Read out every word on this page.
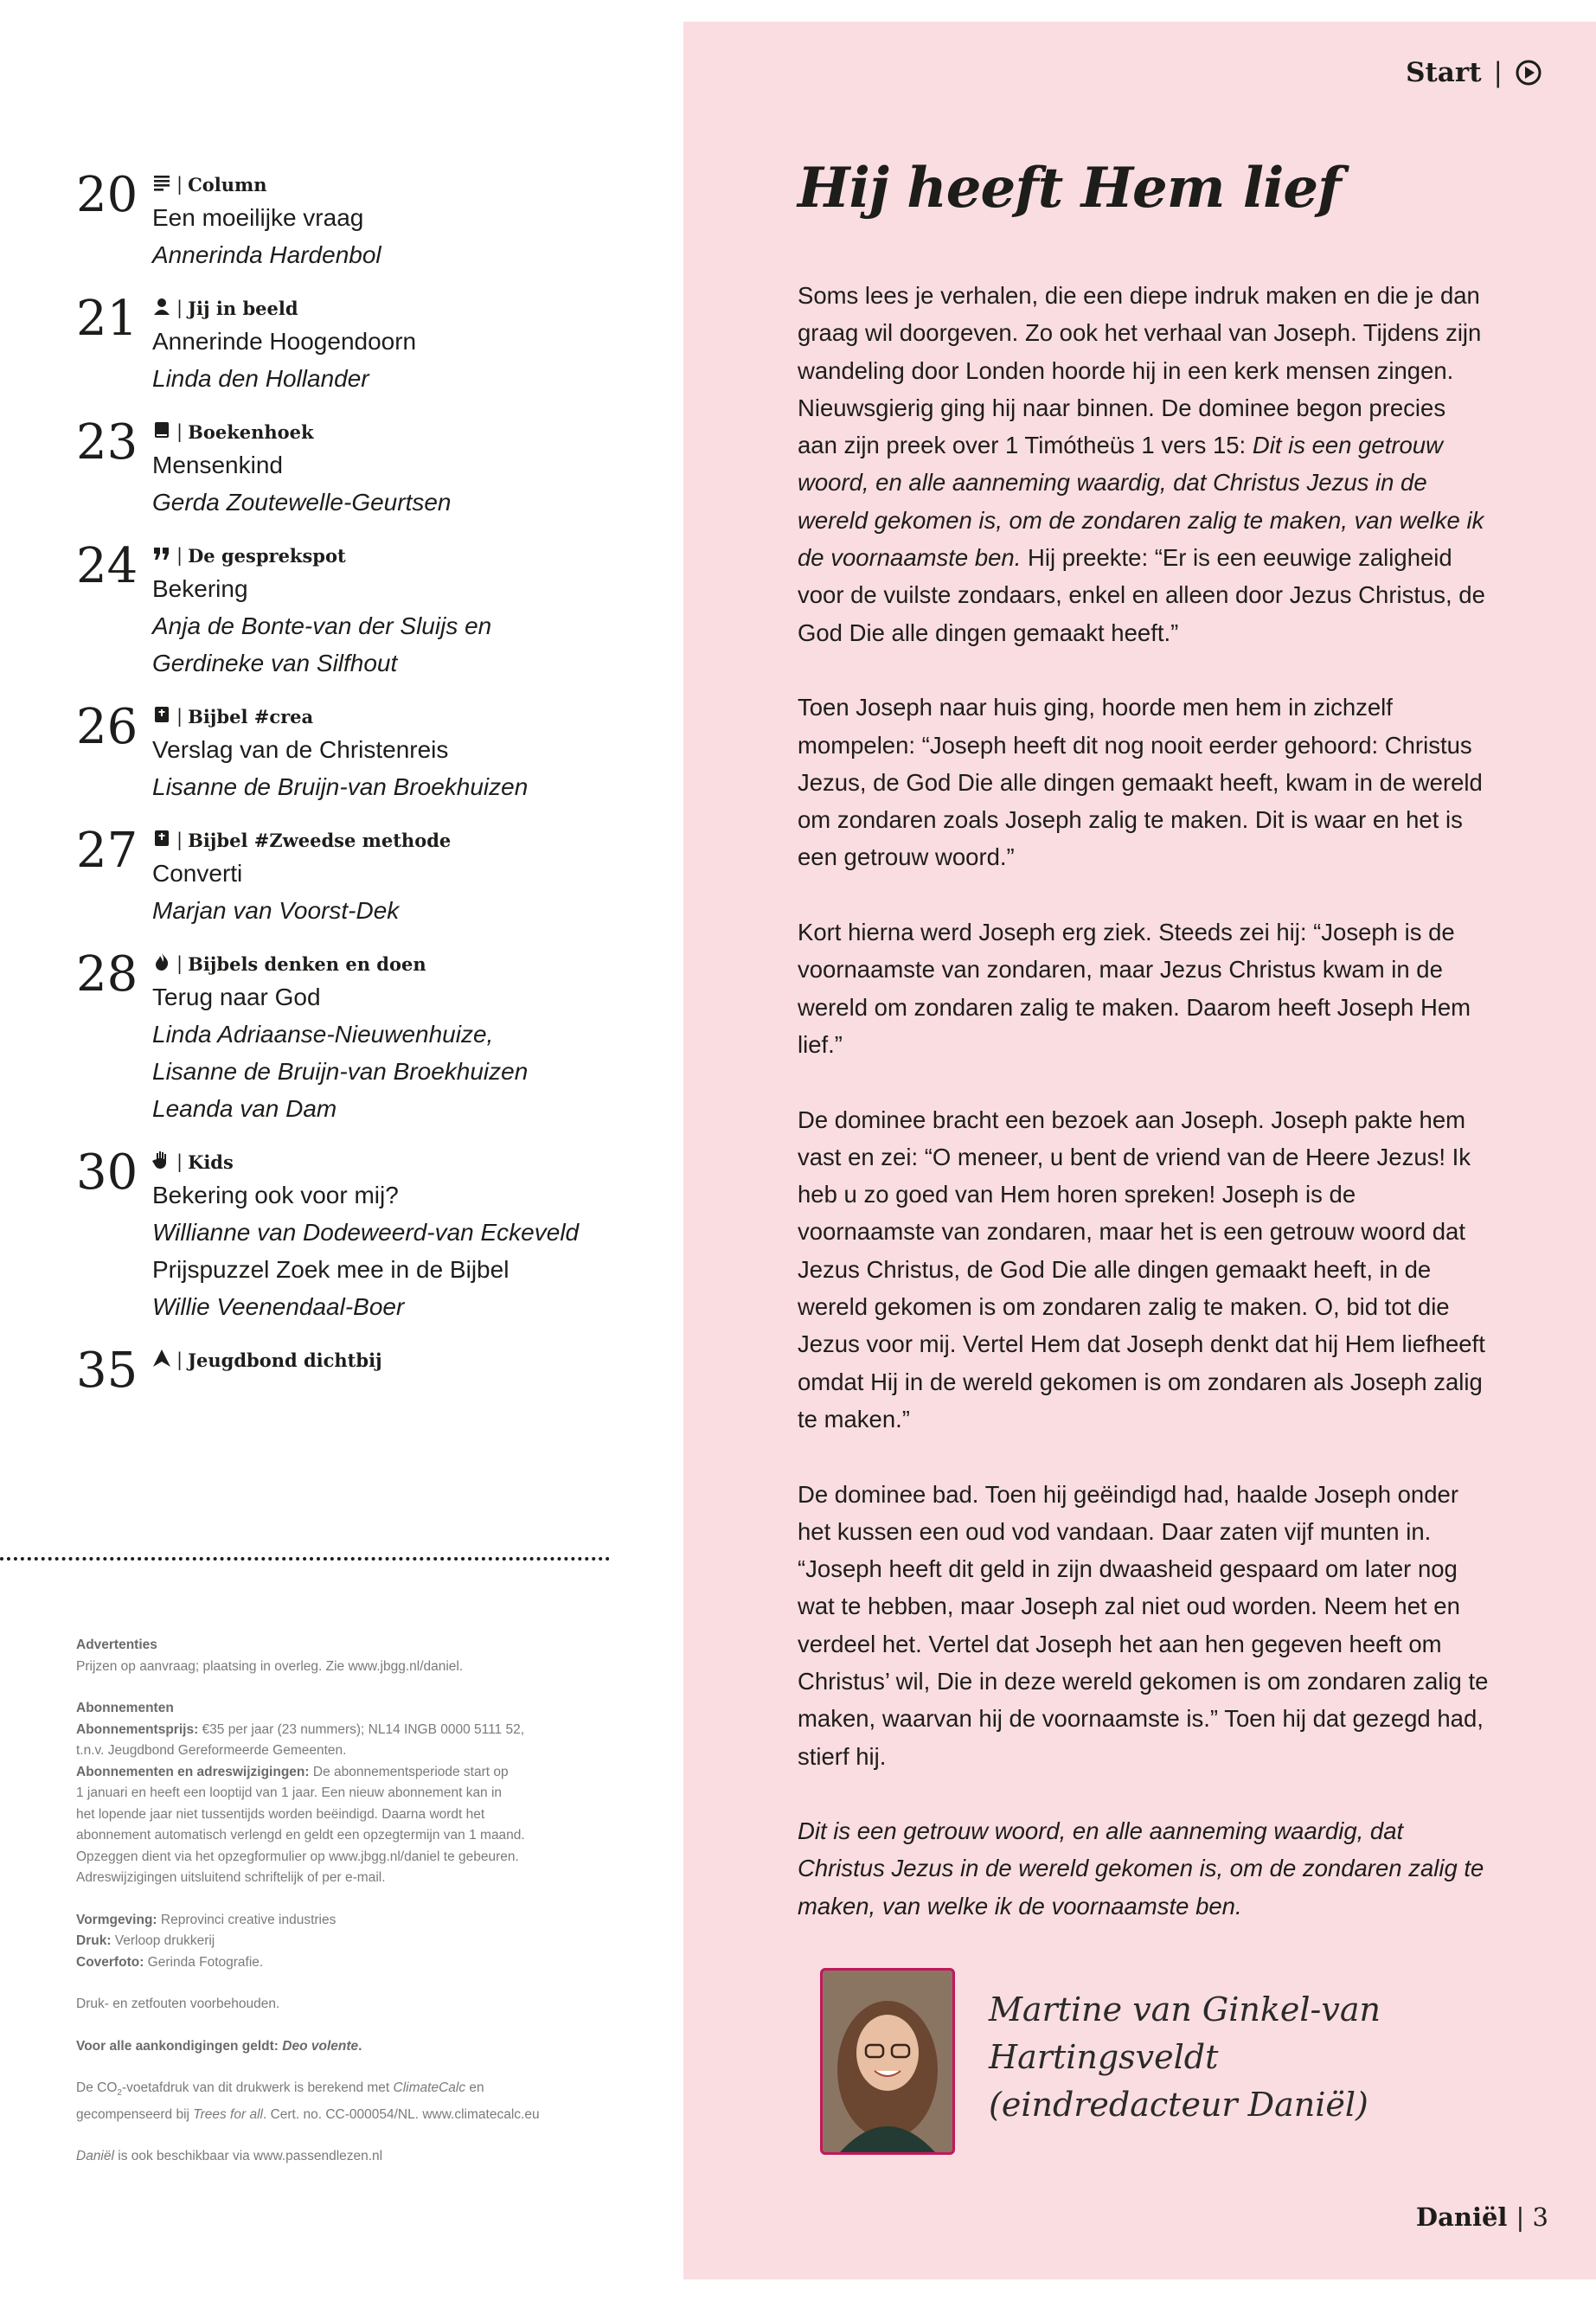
Start |
20 | Column
Een moeilijke vraag
Annerinda Hardenbol
21 | Jij in beeld
Annerinde Hoogendoorn
Linda den Hollander
23 | Boekenhoek
Mensenkind
Gerda Zoutewelle-Geurtsen
24 | De gesprekspot
Bekering
Anja de Bonte-van der Sluijs en
Gerdineke van Silfhout
26 | Bijbel #crea
Verslag van de Christenreis
Lisanne de Bruijn-van Broekhuizen
27 | Bijbel #Zweedse methode
Converti
Marjan van Voorst-Dek
28 | Bijbels denken en doen
Terug naar God
Linda Adriaanse-Nieuwenhuize,
Lisanne de Bruijn-van Broekhuizen
Leanda van Dam
30 | Kids
Bekering ook voor mij?
Willianne van Dodeweerd-van Eckeveld
Prijspuzzel Zoek mee in de Bijbel
Willie Veenendaal-Boer
35 | Jeugdbond dichtbij
Advertenties
Prijzen op aanvraag; plaatsing in overleg. Zie www.jbgg.nl/daniel.
Abonnementen
Abonnementsprijs: €35 per jaar (23 nummers); NL14 INGB 0000 5111 52,
t.n.v. Jeugdbond Gereformeerde Gemeenten.
Abonnementen en adreswijzigingen: De abonnementsperiode start op
1 januari en heeft een looptijd van 1 jaar. Een nieuw abonnement kan in
het lopende jaar niet tussentijds worden beëindigd. Daarna wordt het
abonnement automatisch verlengd en geldt een opzegtermijn van 1 maand.
Opzeggen dient via het opzegformulier op www.jbgg.nl/daniel te gebeuren.
Adreswijzigingen uitsluitend schriftelijk of per e-mail.
Vormgeving: Reprovinci creative industries
Druk: Verloop drukkerij
Coverfoto: Gerinda Fotografie.
Druk- en zetfouten voorbehouden.
Voor alle aankondigingen geldt: Deo volente.
De $CO_2$-voetafdruk van dit drukwerk is berekend met ClimateCalc en
gecompenseerd bij Trees for all. Cert. no. CC-000054/NL. www.climatecalc.eu
Daniël is ook beschikbaar via www.passendlezen.nl
Hij heeft Hem lief

Soms lees je verhalen, die een diepe indruk maken en die je dan graag wil doorgeven. Zo ook het verhaal van Joseph. Tijdens zijn wandeling door Londen hoorde hij in een kerk mensen zingen. Nieuwsgierig ging hij naar binnen. De dominee begon precies aan zijn preek over 1 Timótheüs 1 vers 15: Dit is een getrouw woord, en alle aanneming waardig, dat Christus Jezus in de wereld gekomen is, om de zondaren zalig te maken, van welke ik de voornaamste ben. Hij preekte: “Er is een eeuwige zaligheid voor de vuilste zondaars, enkel en alleen door Jezus Christus, de God Die alle dingen gemaakt heeft.”

Toen Joseph naar huis ging, hoorde men hem in zichzelf mompelen: “Joseph heeft dit nog nooit eerder gehoord: Christus Jezus, de God Die alle dingen gemaakt heeft, kwam in de wereld om zondaren zoals Joseph zalig te maken. Dit is waar en het is een getrouw woord.”

Kort hierna werd Joseph erg ziek. Steeds zei hij: “Joseph is de voornaamste van zondaren, maar Jezus Christus kwam in de wereld om zondaren zalig te maken. Daarom heeft Joseph Hem lief.”

De dominee bracht een bezoek aan Joseph. Joseph pakte hem vast en zei: “O meneer, u bent de vriend van de Heere Jezus! Ik heb u zo goed van Hem horen spreken! Joseph is de voornaamste van zondaren, maar het is een getrouw woord dat Jezus Christus, de God Die alle dingen gemaakt heeft, in de wereld gekomen is om zondaren zalig te maken. O, bid tot die Jezus voor mij. Vertel Hem dat Joseph denkt dat hij Hem liefheeft omdat Hij in de wereld gekomen is om zondaren als Joseph zalig te maken.”

De dominee bad. Toen hij geëindigd had, haalde Joseph onder het kussen een oud vod vandaan. Daar zaten vijf munten in. “Joseph heeft dit geld in zijn dwaasheid gespaard om later nog wat te hebben, maar Joseph zal niet oud worden. Neem het en verdeel het. Vertel dat Joseph het aan hen gegeven heeft om Christus’ wil, Die in deze wereld gekomen is om zondaren zalig te maken, waarvan hij de voornaamste is.” Toen hij dat gezegd had, stierf hij.

Dit is een getrouw woord, en alle aanneming waardig, dat Christus Jezus in de wereld gekomen is, om de zondaren zalig te maken, van welke ik de voornaamste ben.

Martine van Ginkel-van Hartingsveldt
(eindredacteur Daniël)
Daniël | 3
